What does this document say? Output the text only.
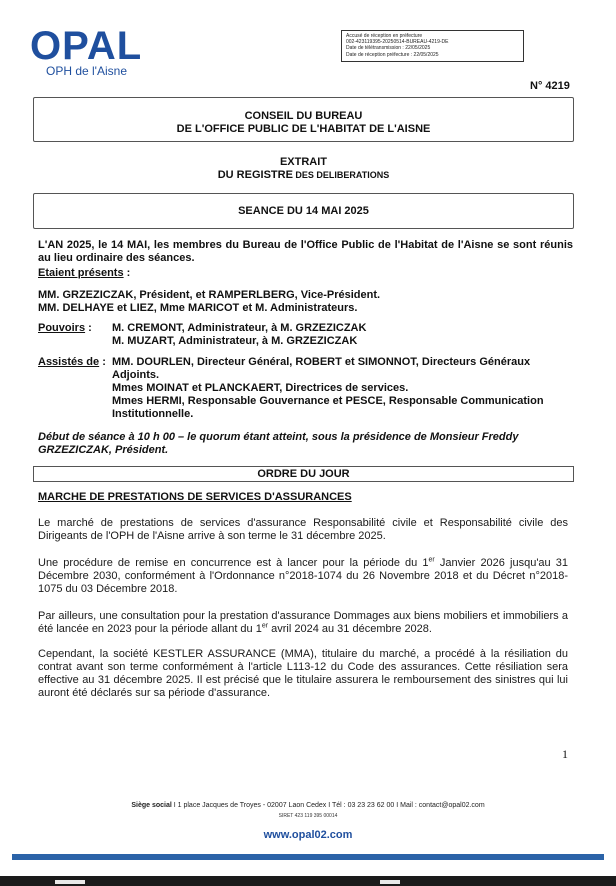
OPAL
OPH de l'Aisne
Accusé de réception en préfecture
002-423119395-20250514-BUREAU-4219-DE
Date de télétransmission : 22/05/2025
Date de réception préfecture : 22/05/2025
N° 4219
CONSEIL DU BUREAU
DE L'OFFICE PUBLIC DE L'HABITAT DE L'AISNE
EXTRAIT
DU REGISTRE DES DELIBERATIONS
SEANCE DU 14 MAI 2025
L'AN 2025, le 14 MAI, les membres du Bureau de l'Office Public de l'Habitat de l'Aisne se sont réunis au lieu ordinaire des séances.
Etaient présents :
MM. GRZEZICZAK, Président, et RAMPERLBERG, Vice-Président.
MM. DELHAYE et LIEZ, Mme MARICOT et M. Administrateurs.
Pouvoirs : M. CREMONT, Administrateur, à M. GRZEZICZAK
M. MUZART, Administrateur, à M. GRZEZICZAK
Assistés de : MM. DOURLEN, Directeur Général, ROBERT et SIMONNOT, Directeurs Généraux
Adjoints.
Mmes MOINAT et PLANCKAERT, Directrices de services.
Mmes HERMI, Responsable Gouvernance et PESCE, Responsable Communication
Institutionnelle.
Début de séance à 10 h 00 – le quorum étant atteint, sous la présidence de Monsieur Freddy GRZEZICZAK, Président.
ORDRE DU JOUR
MARCHE DE PRESTATIONS DE SERVICES D'ASSURANCES
Le marché de prestations de services d'assurance Responsabilité civile et Responsabilité civile des Dirigeants de l'OPH de l'Aisne arrive à son terme le 31 décembre 2025.
Une procédure de remise en concurrence est à lancer pour la période du 1er Janvier 2026 jusqu'au 31 Décembre 2030, conformément à l'Ordonnance n°2018-1074 du 26 Novembre 2018 et du Décret n°2018-1075 du 03 Décembre 2018.
Par ailleurs, une consultation pour la prestation d'assurance Dommages aux biens mobiliers et immobiliers a été lancée en 2023 pour la période allant du 1er avril 2024 au 31 décembre 2028.
Cependant, la société KESTLER ASSURANCE (MMA), titulaire du marché, a procédé à la résiliation du contrat avant son terme conformément à l'article L113-12 du Code des assurances. Cette résiliation sera effective au 31 décembre 2025. Il est précisé que le titulaire assurera le remboursement des sinistres qui lui auront été déclarés sur sa période d'assurance.
1
Siège social I 1 place Jacques de Troyes - 02007 Laon Cedex I Tél : 03 23 23 62 00 I Mail : contact@opal02.com
SIRET 423 119 395 00014
www.opal02.com
